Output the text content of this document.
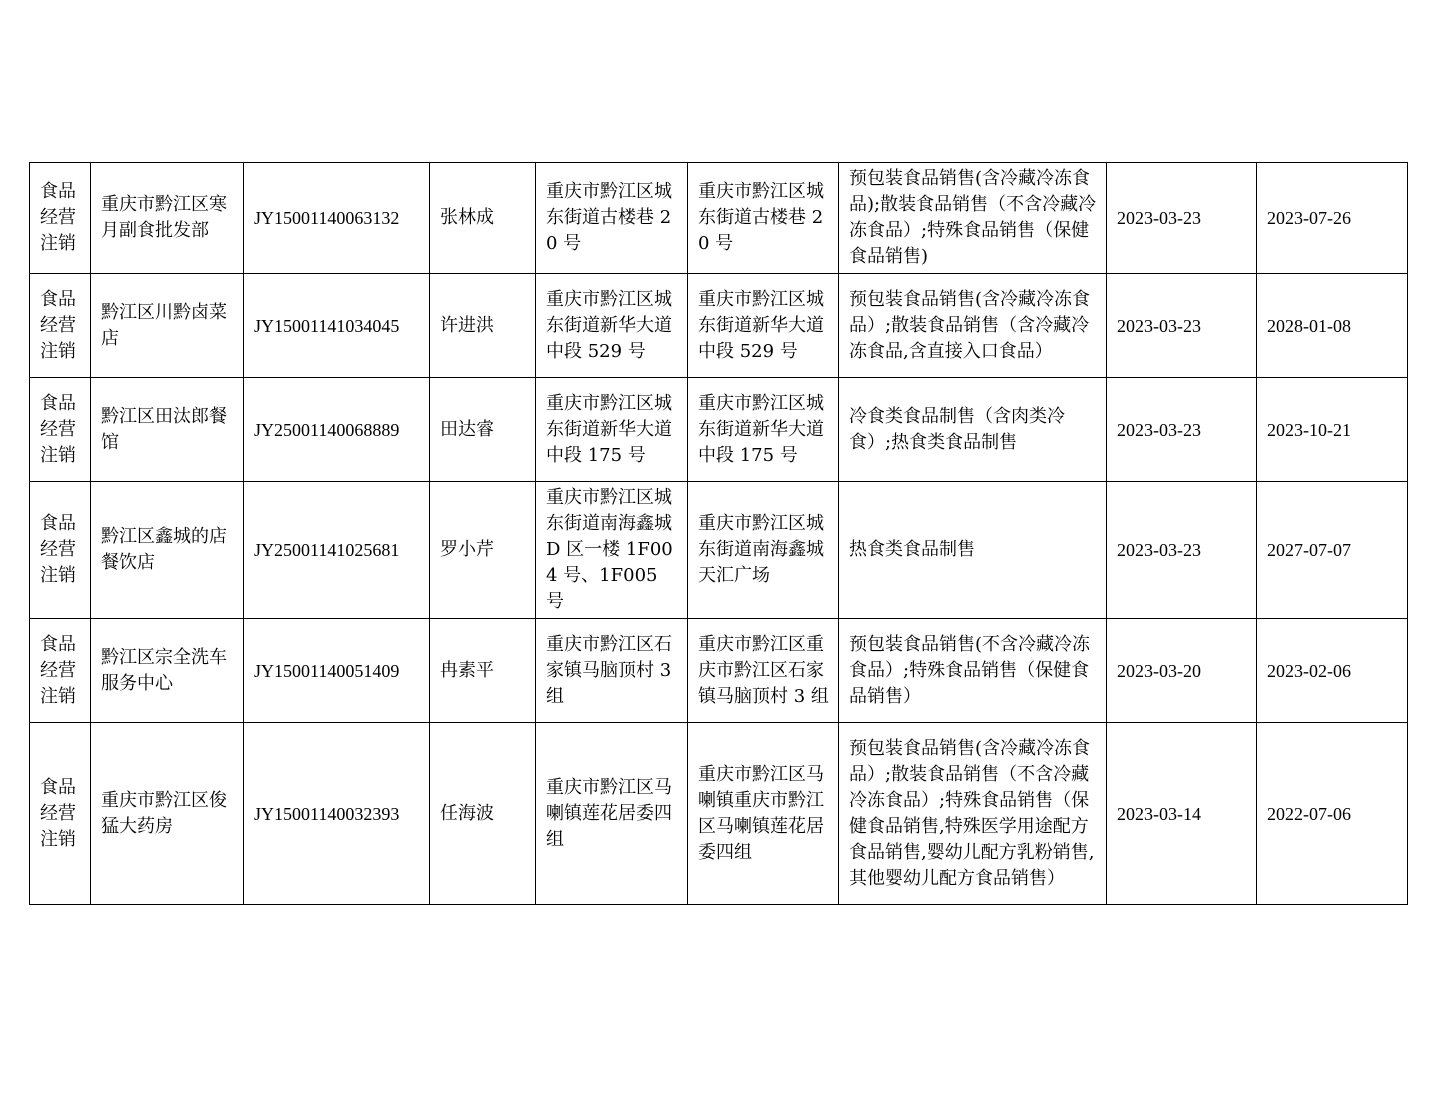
食品经营注销	重庆市黔江区寒月副食批发部	JY15001140063132	张林成	重庆市黔江区城东街道古楼巷 20 号	重庆市黔江区城东街道古楼巷 20 号	预包装食品销售(含冷藏冷冻食品);散装食品销售（不含冷藏冷冻食品）;特殊食品销售（保健食品销售)	2023-03-23	2023-07-26
食品经营注销	黔江区川黔卤菜店	JY15001141034045	许进洪	重庆市黔江区城东街道新华大道中段 529 号	重庆市黔江区城东街道新华大道中段 529 号	预包装食品销售(含冷藏冷冻食品）;散装食品销售（含冷藏冷冻食品,含直接入口食品）	2023-03-23	2028-01-08
食品经营注销	黔江区田汰郎餐馆	JY25001140068889	田达睿	重庆市黔江区城东街道新华大道中段 175 号	重庆市黔江区城东街道新华大道中段 175 号	冷食类食品制售（含肉类冷食）;热食类食品制售	2023-03-23	2023-10-21
食品经营注销	黔江区鑫城的店餐饮店	JY25001141025681	罗小芹	重庆市黔江区城东街道南海鑫城 D 区一楼 1F004 号、1F005 号	重庆市黔江区城东街道南海鑫城天汇广场	热食类食品制售	2023-03-23	2027-07-07
食品经营注销	黔江区宗全洗车服务中心	JY15001140051409	冉素平	重庆市黔江区石家镇马脑顶村 3 组	重庆市黔江区重庆市黔江区石家镇马脑顶村 3 组	预包装食品销售(不含冷藏冷冻食品）;特殊食品销售（保健食品销售）	2023-03-20	2023-02-06
食品经营注销	重庆市黔江区俊猛大药房	JY15001140032393	任海波	重庆市黔江区马喇镇莲花居委四组	重庆市黔江区马喇镇重庆市黔江区马喇镇莲花居委四组	预包装食品销售(含冷藏冷冻食品）;散装食品销售（不含冷藏冷冻食品）;特殊食品销售（保健食品销售,特殊医学用途配方食品销售,婴幼儿配方乳粉销售,其他婴幼儿配方食品销售）	2023-03-14	2022-07-06
